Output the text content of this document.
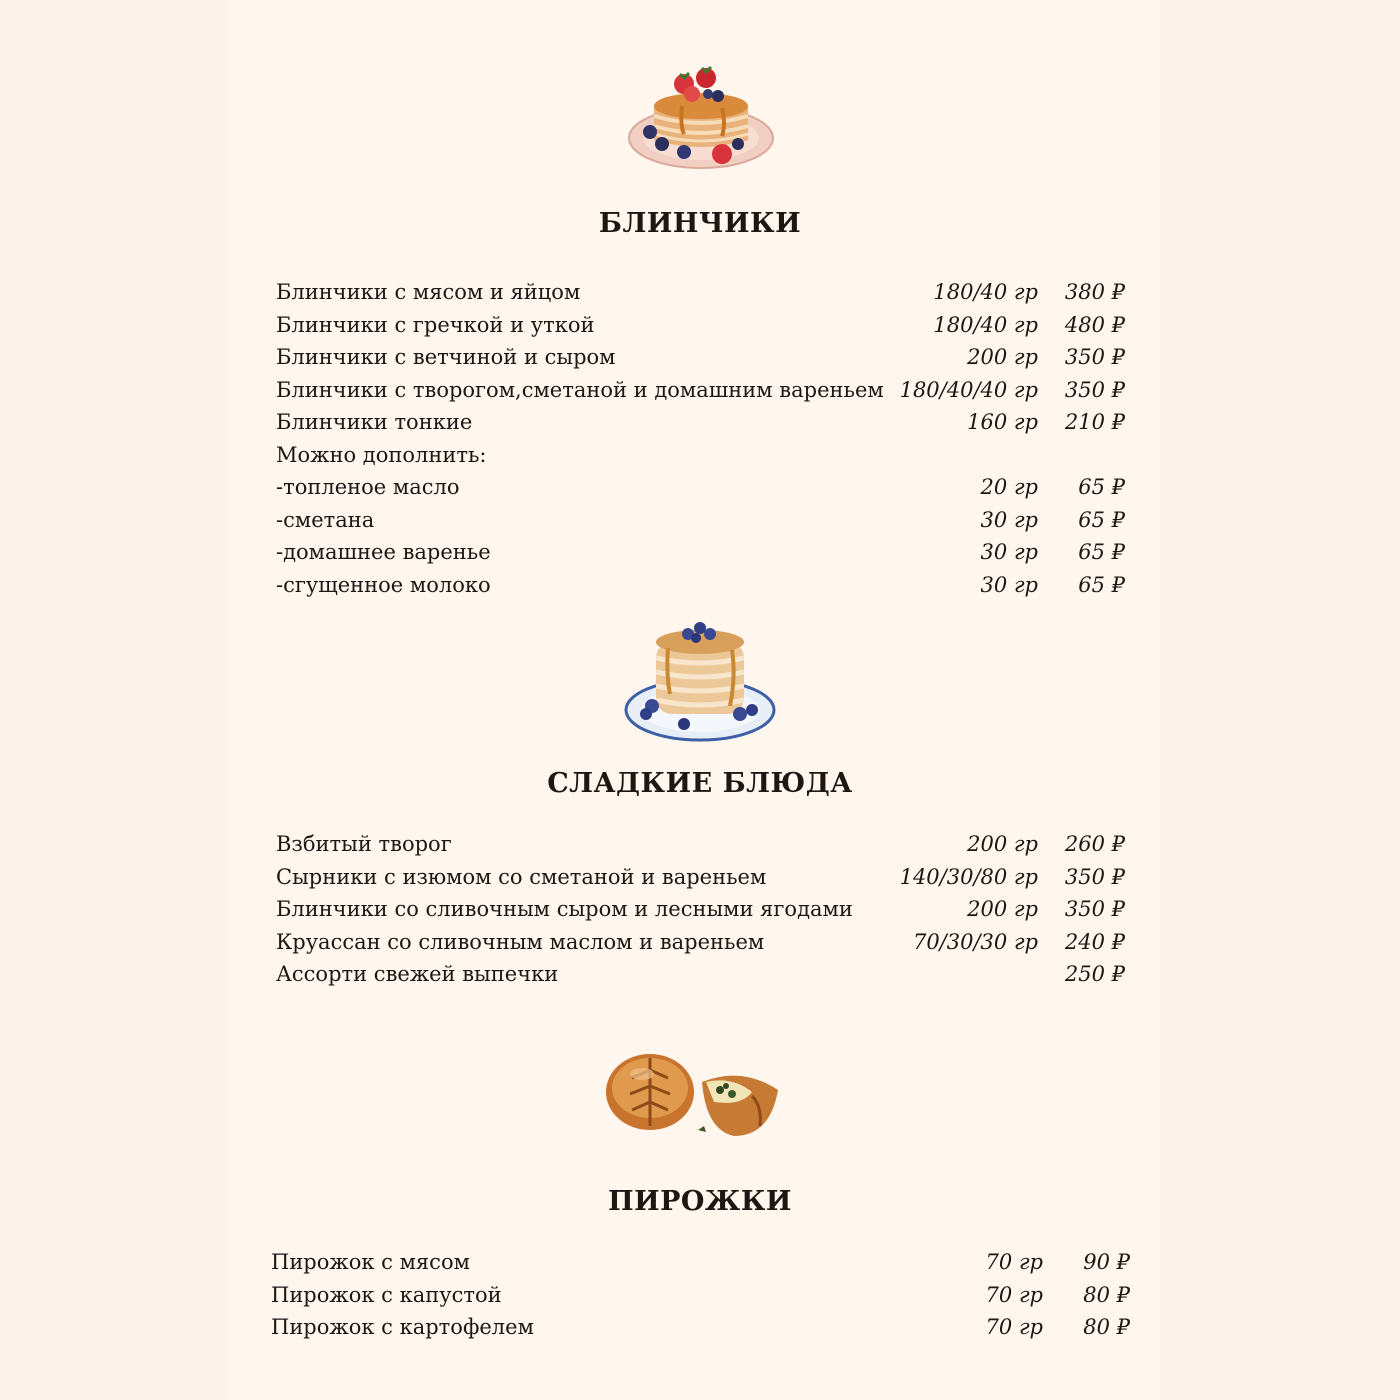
БЛИНЧИКИ
Блинчики с мясом и яйцом	180/40 гр 380 ₽
Блинчики с гречкой и уткой	180/40 гр 480 ₽
Блинчики с ветчиной и сыром	200 гр 350 ₽
Блинчики с творогом,сметаной и домашним вареньем 180/40/40 гр 350 ₽
Блинчики тонкие	160 гр 210 ₽
Можно дополнить:
-топленое масло	20 гр 65 ₽
-сметана	30 гр 65 ₽
-домашнее варенье	30 гр 65 ₽
-сгущенное молоко	30 гр 65 ₽
СЛАДКИЕ БЛЮДА
Взбитый творог	200 гр 260 ₽
Сырники с изюмом со сметаной и вареньем	140/30/80 гр 350 ₽
Блинчики со сливочным сыром и лесными ягодами	200 гр 350 ₽
Круассан со сливочным маслом и вареньем	70/30/30 гр 240 ₽
Ассорти свежей выпечки	250 ₽
ПИРОЖКИ
Пирожок с мясом	70 гр 90 ₽
Пирожок с капустой	70 гр 80 ₽
Пирожок с картофелем	70 гр 80 ₽
